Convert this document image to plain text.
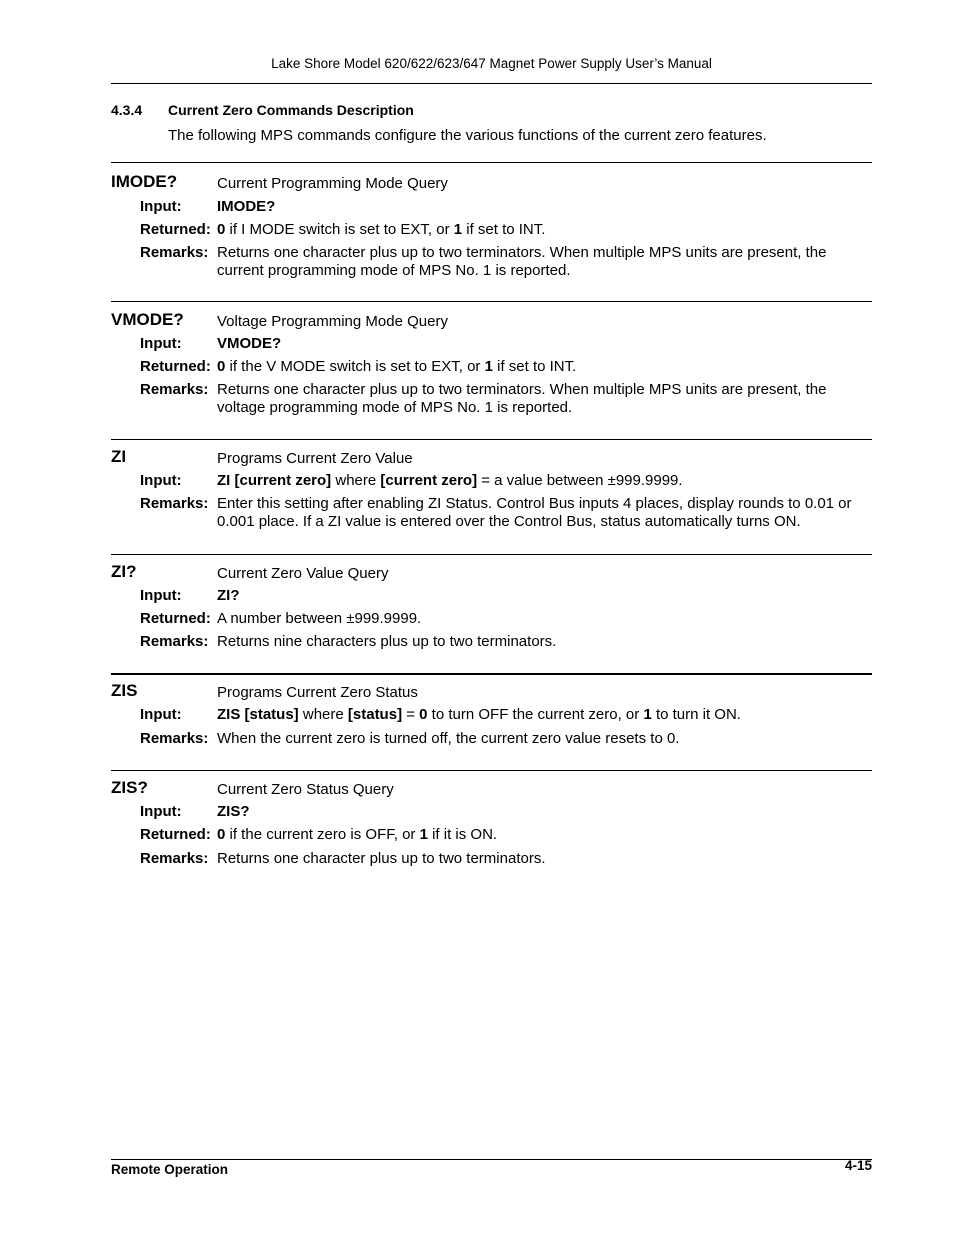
Lake Shore Model 620/622/623/647 Magnet Power Supply User’s Manual
4.3.4 Current Zero Commands Description
The following MPS commands configure the various functions of the current zero features.
IMODE?	Current Programming Mode Query
Input: IMODE?
Returned: 0 if I MODE switch is set to EXT, or 1 if set to INT.
Remarks: Returns one character plus up to two terminators. When multiple MPS units are present, the current programming mode of MPS No. 1 is reported.
VMODE? Voltage Programming Mode Query
Input: VMODE?
Returned: 0 if the V MODE switch is set to EXT, or 1 if set to INT.
Remarks: Returns one character plus up to two terminators. When multiple MPS units are present, the voltage programming mode of MPS No. 1 is reported.
ZI	Programs Current Zero Value
Input: ZI [current zero] where [current zero] = a value between ±999.9999.
Remarks: Enter this setting after enabling ZI Status. Control Bus inputs 4 places, display rounds to 0.01 or 0.001 place. If a ZI value is entered over the Control Bus, status automatically turns ON.
ZI?	Current Zero Value Query
Input: ZI?
Returned: A number between ±999.9999.
Remarks: Returns nine characters plus up to two terminators.
ZIS	Programs Current Zero Status
Input: ZIS [status] where [status] = 0 to turn OFF the current zero, or 1 to turn it ON.
Remarks: When the current zero is turned off, the current zero value resets to 0.
ZIS?	Current Zero Status Query
Input: ZIS?
Returned: 0 if the current zero is OFF, or 1 if it is ON.
Remarks: Returns one character plus up to two terminators.
Remote Operation	4-15
